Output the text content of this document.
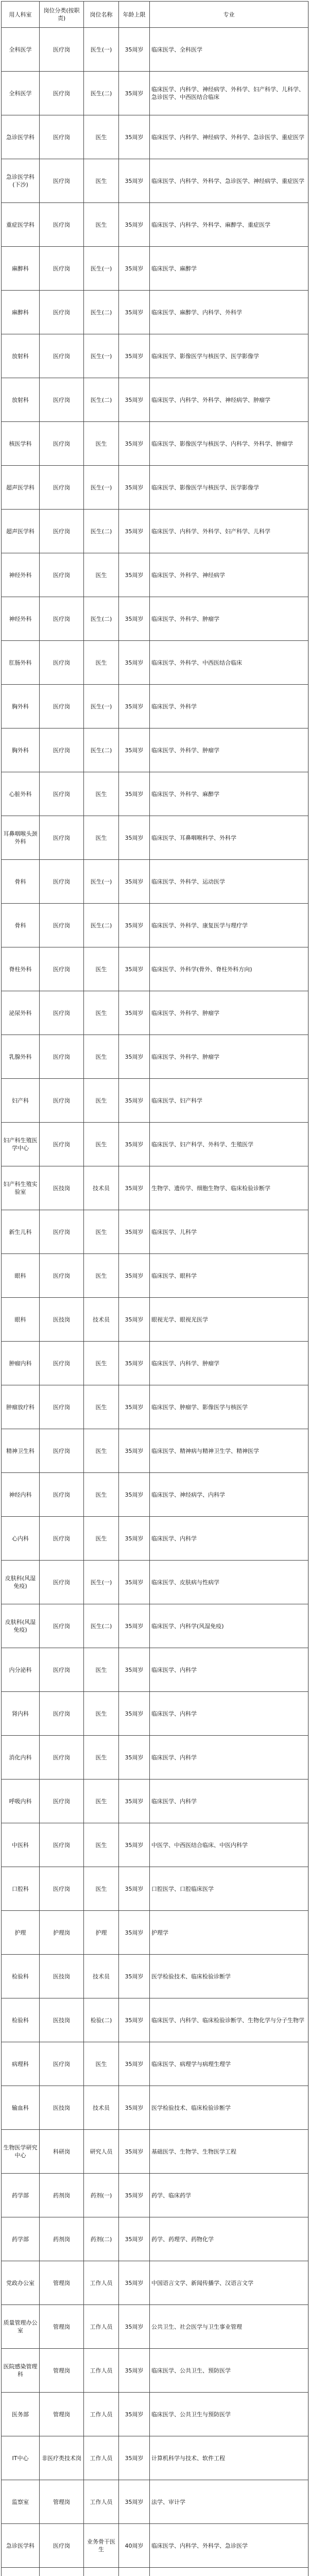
用人科室	岗位分类(按职责)	岗位名称	年龄上限	专业
全科医学	医疗岗	医生(一)	35周岁	临床医学、全科医学
全科医学	医疗岗	医生(二)	35周岁	临床医学、内科学、神经病学、外科学、妇产科学、儿科学、急诊医学、中西医结合临床
急诊医学科	医疗岗	医生	35周岁	临床医学、内科学、神经病学、外科学、急诊医学、重症医学
急诊医学科(下沙)	医疗岗	医生	35周岁	临床医学、内科学、外科学、急诊医学、神经病学、重症医学
重症医学科	医疗岗	医生	35周岁	临床医学、内科学、外科学、麻醉学、重症医学
麻醉科	医疗岗	医生(一)	35周岁	临床医学、麻醉学
麻醉科	医疗岗	医生(二)	35周岁	临床医学、麻醉学、内科学、外科学
放射科	医疗岗	医生(一)	35周岁	临床医学、影像医学与核医学、医学影像学
放射科	医疗岗	医生(二)	35周岁	临床医学、内科学、外科学、神经病学、肿瘤学
核医学科	医疗岗	医生	35周岁	临床医学、影像医学与核医学、内科学、外科学、肿瘤学
超声医学科	医疗岗	医生(一)	35周岁	临床医学、影像医学与核医学、医学影像学
超声医学科	医疗岗	医生(二)	35周岁	临床医学、内科学、外科学、妇产科学、儿科学
神经外科	医疗岗	医生	35周岁	临床医学、外科学、神经病学
神经外科	医疗岗	医生(二)	35周岁	临床医学、外科学、肿瘤学
肛肠外科	医疗岗	医生	35周岁	临床医学、外科学、中西医结合临床
胸外科	医疗岗	医生(一)	35周岁	临床医学、外科学
胸外科	医疗岗	医生(二)	35周岁	临床医学、外科学、肿瘤学
心脏外科	医疗岗	医生	35周岁	临床医学、外科学、麻醉学
耳鼻咽喉头颈外科	医疗岗	医生	35周岁	临床医学、耳鼻咽喉科学、外科学
骨科	医疗岗	医生(一)	35周岁	临床医学、外科学、运动医学
骨科	医疗岗	医生(二)	35周岁	临床医学、外科学、康复医学与理疗学
脊柱外科	医疗岗	医生	35周岁	临床医学、外科学(骨外、脊柱外科方向)
泌尿外科	医疗岗	医生	35周岁	临床医学、外科学、肿瘤学
乳腺外科	医疗岗	医生	35周岁	临床医学、外科学、肿瘤学
妇产科	医疗岗	医生	35周岁	临床医学、妇产科学
妇产科生殖医学中心	医疗岗	医生	35周岁	临床医学、妇产科学、外科学、生殖医学
妇产科生殖实验室	医技岗	技术员	35周岁	生物学、遗传学、细胞生物学、临床检验诊断学
新生儿科	医疗岗	医生	35周岁	临床医学、儿科学
眼科	医疗岗	医生	35周岁	临床医学、眼科学
眼科	医技岗	技术员	35周岁	眼视光学、眼视光医学
肿瘤内科	医疗岗	医生	35周岁	临床医学、内科学、肿瘤学
肿瘤放疗科	医疗岗	医生	35周岁	临床医学、肿瘤学、影像医学与核医学
精神卫生科	医疗岗	医生	35周岁	临床医学、精神病与精神卫生学、精神医学
神经内科	医疗岗	医生	35周岁	临床医学、神经病学、内科学
心内科	医疗岗	医生	35周岁	临床医学、内科学
皮肤科(风湿免疫)	医疗岗	医生(一)	35周岁	临床医学、皮肤病与性病学
皮肤科(风湿免疫)	医疗岗	医生(二)	35周岁	临床医学、内科学(风湿免疫)
内分泌科	医疗岗	医生	35周岁	临床医学、内科学
肾内科	医疗岗	医生	35周岁	临床医学、内科学
消化内科	医疗岗	医生	35周岁	临床医学、内科学
呼吸内科	医疗岗	医生	35周岁	临床医学、内科学
中医科	医疗岗	医生	35周岁	中医学、中西医结合临床、中医内科学
口腔科	医疗岗	医生	35周岁	口腔医学、口腔临床医学
护理	护理岗	护理	35周岁	护理学
检验科	医技岗	技术员	35周岁	医学检验技术、临床检验诊断学
检验科	医技岗	检验(二)	35周岁	临床医学、内科学、临床检验诊断学、生物化学与分子生物学
病理科	医疗岗	医生	35周岁	临床医学、病理学与病理生理学
输血科	医技岗	技术员	35周岁	医学检验技术、临床检验诊断学
生物医学研究中心	科研岗	研究人员	35周岁	基础医学、生物学、生物医学工程
药学部	药剂岗	药剂(一)	35周岁	药学、临床药学
药学部	药剂岗	药剂(二)	35周岁	药学、药理学、药物化学
党政办公室	管理岗	工作人员	35周岁	中国语言文学、新闻传播学、汉语言文学
质量管理办公室	管理岗	工作人员	35周岁	公共卫生、社会医学与卫生事业管理
医院感染管理科	管理岗	工作人员	35周岁	临床医学、公共卫生、预防医学
医务部	管理岗	工作人员	35周岁	临床医学、公共卫生与预防医学
IT中心	非医疗类技术岗	工作人员	35周岁	计算机科学与技术、软件工程
监察室	管理岗	工作人员	35周岁	法学、审计学
急诊医学科	医疗岗	业务骨干医生	40周岁	临床医学、内科学、外科学、急诊医学
